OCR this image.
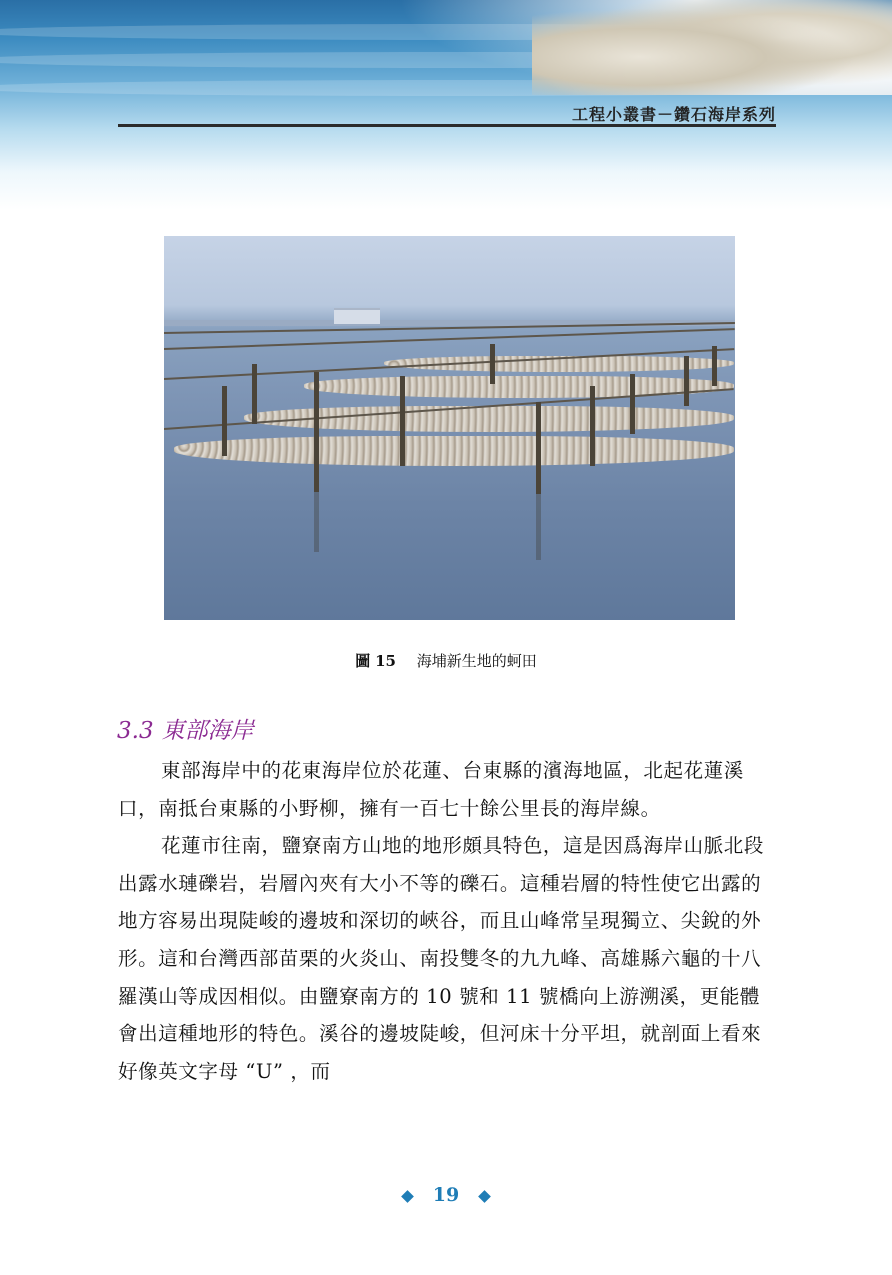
工程小叢書－鑽石海岸系列
圖 15 海埔新生地的蚵田
3.3 東部海岸

東部海岸中的花東海岸位於花蓮、台東縣的濱海地區，北起花蓮溪口，南抵台東縣的小野柳，擁有一百七十餘公里長的海岸線。

花蓮市往南，鹽寮南方山地的地形頗具特色，這是因爲海岸山脈北段出露水璉礫岩，岩層內夾有大小不等的礫石。這種岩層的特性使它出露的地方容易出現陡峻的邊坡和深切的峽谷，而且山峰常呈現獨立、尖銳的外形。這和台灣西部苗栗的火炎山、南投雙冬的九九峰、高雄縣六龜的十八羅漢山等成因相似。由鹽寮南方的 10 號和 11 號橋向上游溯溪，更能體會出這種地形的特色。溪谷的邊坡陡峻，但河床十分平坦，就剖面上看來好像英文字母 “U” ，而

19
